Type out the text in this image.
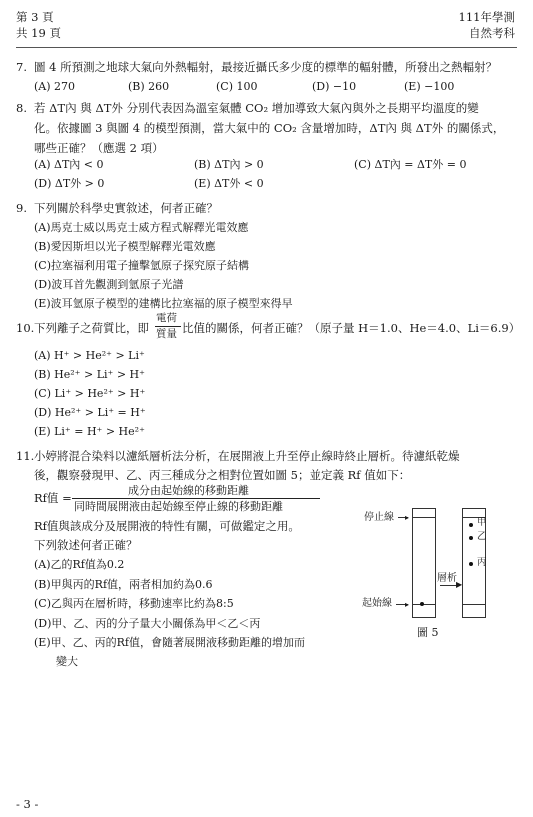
第 3 頁
共 19 頁
111年學測
自然考科
7. 圖 4 所預測之地球大氣向外熱輻射，最接近攝氏多少度的標準的輻射體，所發出之熱輻射？
(A) 270	(B) 260	(C) 100	(D) −10	(E) −100
8. 若 ΔT內 與 ΔT外 分別代表因為溫室氣體 CO₂ 增加導致大氣內與外之長期平均溫度的變
化。依據圖 3 與圖 4 的模型預測，當大氣中的 CO₂ 含量增加時，ΔT內 與 ΔT外 的關係式，
哪些正確？（應選 2 項）
(A) ΔT內 < 0	(B) ΔT內 > 0	(C) ΔT內 = ΔT外 = 0
(D) ΔT外 > 0	(E) ΔT外 < 0
9. 下列關於科學史實敘述，何者正確？
(A)馬克士威以馬克士威方程式解釋光電效應
(B)愛因斯坦以光子模型解釋光電效應
(C)拉塞福利用電子撞擊氫原子探究原子結構
(D)波耳首先觀測到氫原子光譜
(E)波耳氫原子模型的建構比拉塞福的原子模型來得早
10. 下列離子之荷質比，即
電荷
質量 比值的關係，何者正確？（原子量 H＝1.0、He＝4.0、Li＝6.9）
(A) H⁺ > He²⁺ > Li⁺
(B) He²⁺ > Li⁺ > H⁺
(C) Li⁺ > He²⁺ > H⁺
(D) He²⁺ > Li⁺ = H⁺
(E) Li⁺ = H⁺ > He²⁺
11. 小婷將混合染料以濾紙層析法分析，在展開液上升至停止線時終止層析。待濾紙乾燥
後，觀察發現甲、乙、丙三種成分之相對位置如圖 5；並定義 Rf 值如下：
Rf值 =
成分由起始線的移動距離
同時間展開液由起始線至停止線的移動距離
Rf值與該成分及展開液的特性有關，可做鑑定之用。
下列敘述何者正確？
(A)乙的Rf值為0.2
(B)甲與丙的Rf值，兩者相加約為0.6
(C)乙與丙在層析時，移動速率比約為8:5
(D)甲、乙、丙的分子量大小關係為甲＜乙＜丙
(E)甲、乙、丙的Rf值，會隨著展開液移動距離的增加而
變大
停止線 ▸
起始線 ▸
▶
層析
甲
乙
丙
圖 5
- 3 -
